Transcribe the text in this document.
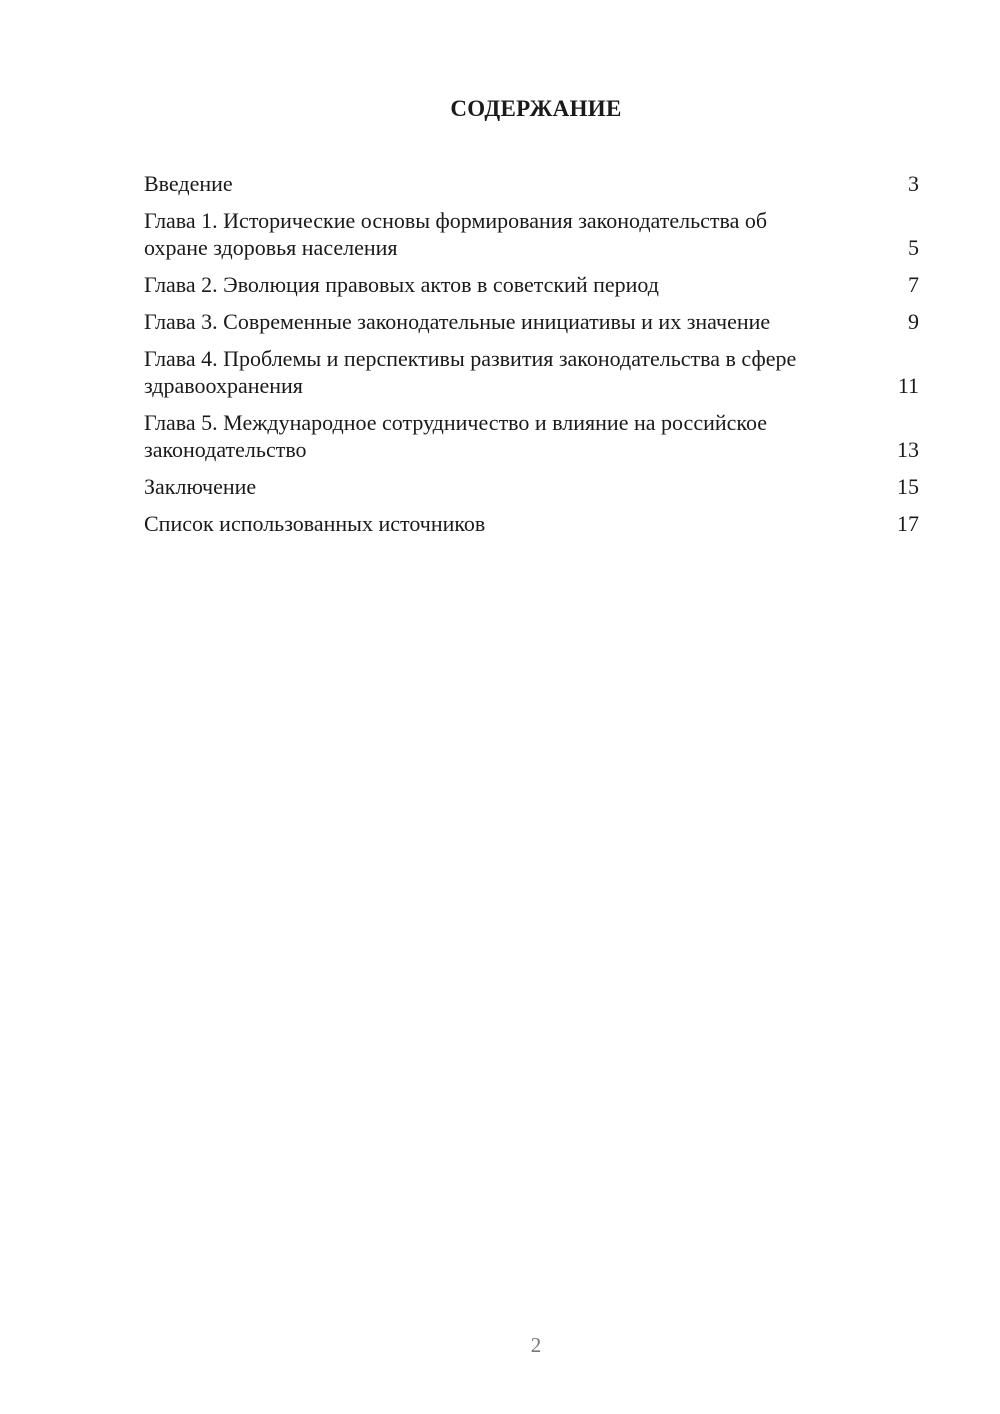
СОДЕРЖАНИЕ
Введение	3
Глава 1. Исторические основы формирования законодательства об охране здоровья населения	5
Глава 2. Эволюция правовых актов в советский период	7
Глава 3. Современные законодательные инициативы и их значение	9
Глава 4. Проблемы и перспективы развития законодательства в сфере здравоохранения	11
Глава 5. Международное сотрудничество и влияние на российское законодательство	13
Заключение	15
Список использованных источников	17
2
